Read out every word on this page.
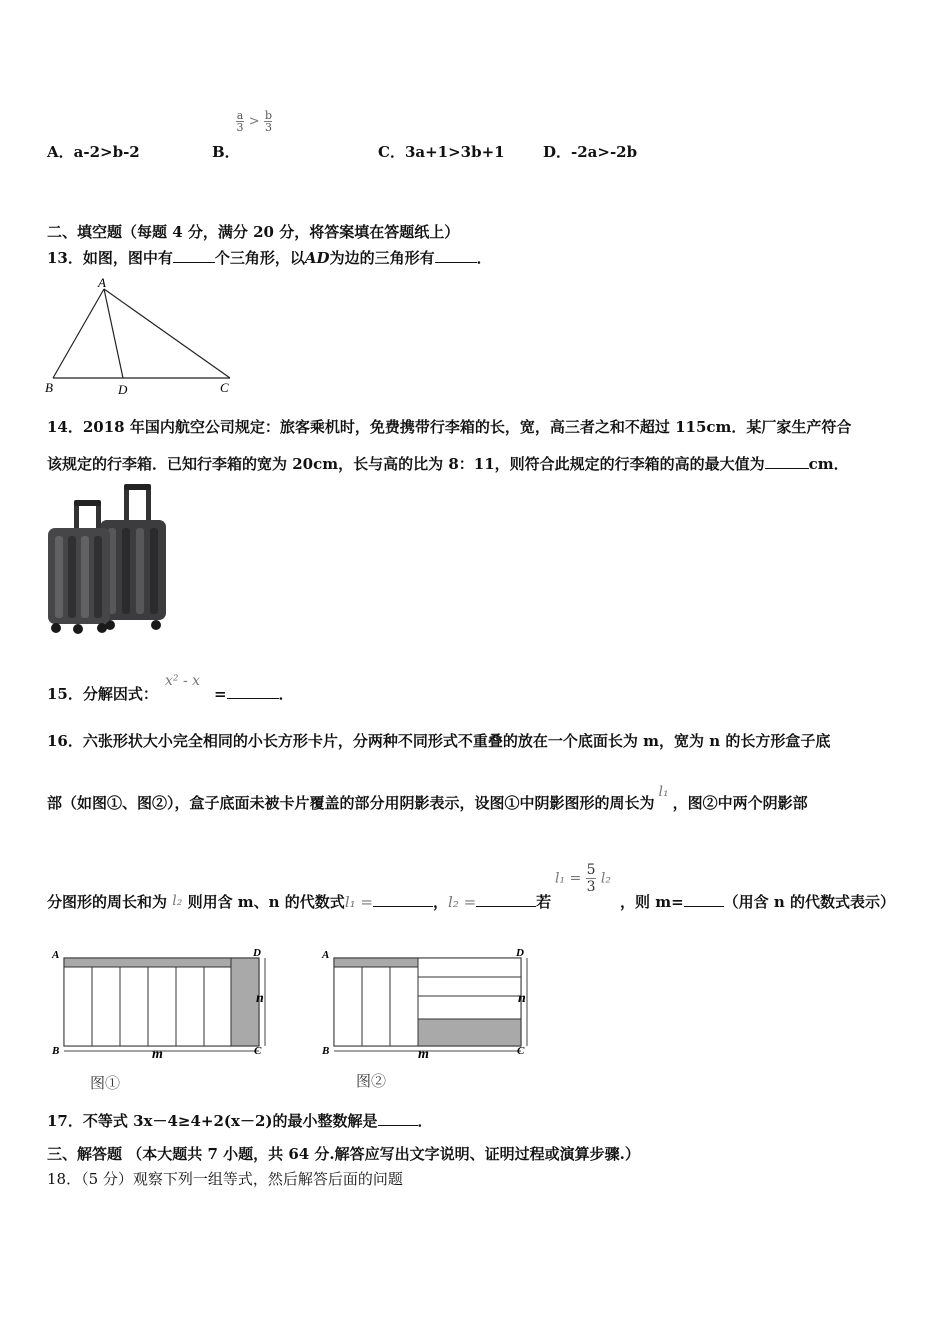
A．a-2>b-2	B．
$\frac{a}{3} > \frac{b}{3}$
C．3a+1>3b+1	D．-2a>-2b
二、填空题（每题 4 分，满分 20 分，将答案填在答题纸上）
13．如图，图中有	个三角形，以AD为边的三角形有	．
A
B	D	C
14．2018 年国内航空公司规定：旅客乘机时，免费携带行李箱的长，宽，高三者之和不超过 115cm．某厂家生产符合
该规定的行李箱．已知行李箱的宽为 20cm，长与高的比为 8：11，则符合此规定的行李箱的高的最大值为	cm．
15．分解因式：
x² - x
=	．
16．六张形状大小完全相同的小长方形卡片，分两种不同形式不重叠的放在一个底面长为 m，宽为 n 的长方形盒子底
部（如图①、图②），盒子底面未被卡片覆盖的部分用阴影表示，设图①中阴影图形的周长为l₁，图②中两个阴影部
分图形的周长和为 l₂ 则用含 m、n 的代数式l₁ =	，l₂ =	若
$l_1 = \frac{5}{3} l_2$
，则 m=	（用含 n 的代数式表示）
A
B
D
C
m
n
图①
A
B
D
C
m
n
图②
17．不等式 3x－4≥4+2(x－2)的最小整数解是	．
三、解答题 （本大题共 7 小题，共 64 分.解答应写出文字说明、证明过程或演算步骤.）
18．（5 分）观察下列一组等式，然后解答后面的问题
